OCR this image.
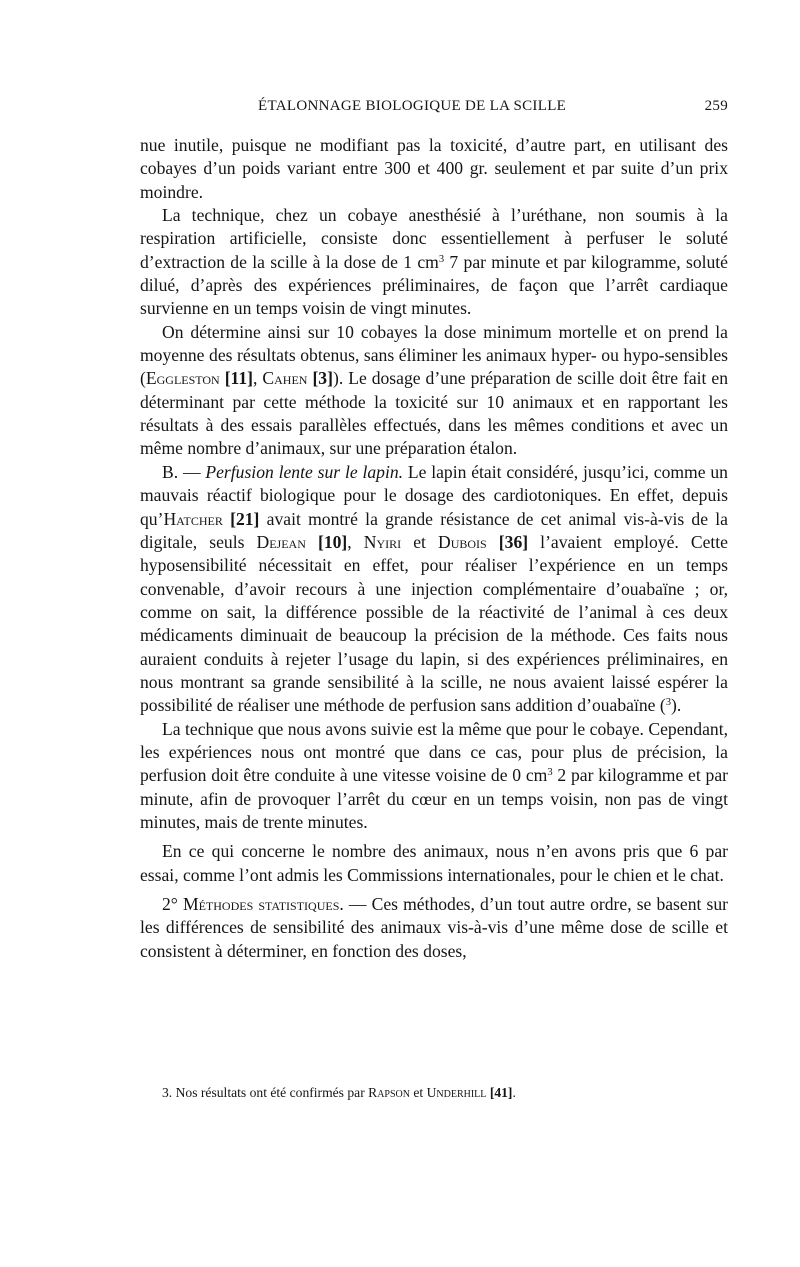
ÉTALONNAGE BIOLOGIQUE DE LA SCILLE	259

nue inutile, puisque ne modifiant pas la toxicité, d’autre part, en utilisant des cobayes d’un poids variant entre 300 et 400 gr. seulement et par suite d’un prix moindre.

La technique, chez un cobaye anesthésié à l’uréthane, non soumis à la respiration artificielle, consiste donc essentiellement à perfuser le soluté d’extraction de la scille à la dose de 1 $cm^3$ 7 par minute et par kilogramme, soluté dilué, d’après des expériences préliminaires, de façon que l’arrêt cardiaque survienne en un temps voisin de vingt minutes.

On détermine ainsi sur 10 cobayes la dose minimum mortelle et on prend la moyenne des résultats obtenus, sans éliminer les animaux hyper- ou hypo-sensibles (Eggleston [11], Cahen [3]). Le dosage d’une préparation de scille doit être fait en déterminant par cette méthode la toxicité sur 10 animaux et en rapportant les résultats à des essais parallèles effectués, dans les mêmes conditions et avec un même nombre d’animaux, sur une préparation étalon.

B. — Perfusion lente sur le lapin. Le lapin était considéré, jusqu’ici, comme un mauvais réactif biologique pour le dosage des cardiotoniques. En effet, depuis qu’Hatcher [21] avait montré la grande résistance de cet animal vis-à-vis de la digitale, seuls Dejean [10], Nyiri et Dubois [36] l’avaient employé. Cette hyposensibilité nécessitait en effet, pour réaliser l’expérience en un temps convenable, d’avoir recours à une injection complémentaire d’ouabaïne ; or, comme on sait, la différence possible de la réactivité de l’animal à ces deux médicaments diminuait de beaucoup la précision de la méthode. Ces faits nous auraient conduits à rejeter l’usage du lapin, si des expériences préliminaires, en nous montrant sa grande sensibilité à la scille, ne nous avaient laissé espérer la possibilité de réaliser une méthode de perfusion sans addition d’ouabaïne ($^3$).

La technique que nous avons suivie est la même que pour le cobaye. Cependant, les expériences nous ont montré que dans ce cas, pour plus de précision, la perfusion doit être conduite à une vitesse voisine de 0 $cm^3$ 2 par kilogramme et par minute, afin de provoquer l’arrêt du cœur en un temps voisin, non pas de vingt minutes, mais de trente minutes.

En ce qui concerne le nombre des animaux, nous n’en avons pris que 6 par essai, comme l’ont admis les Commissions internationales, pour le chien et le chat.

2° Méthodes statistiques. — Ces méthodes, d’un tout autre ordre, se basent sur les différences de sensibilité des animaux vis-à-vis d’une même dose de scille et consistent à déterminer, en fonction des doses,

3. Nos résultats ont été confirmés par Rapson et Underhill [41].
